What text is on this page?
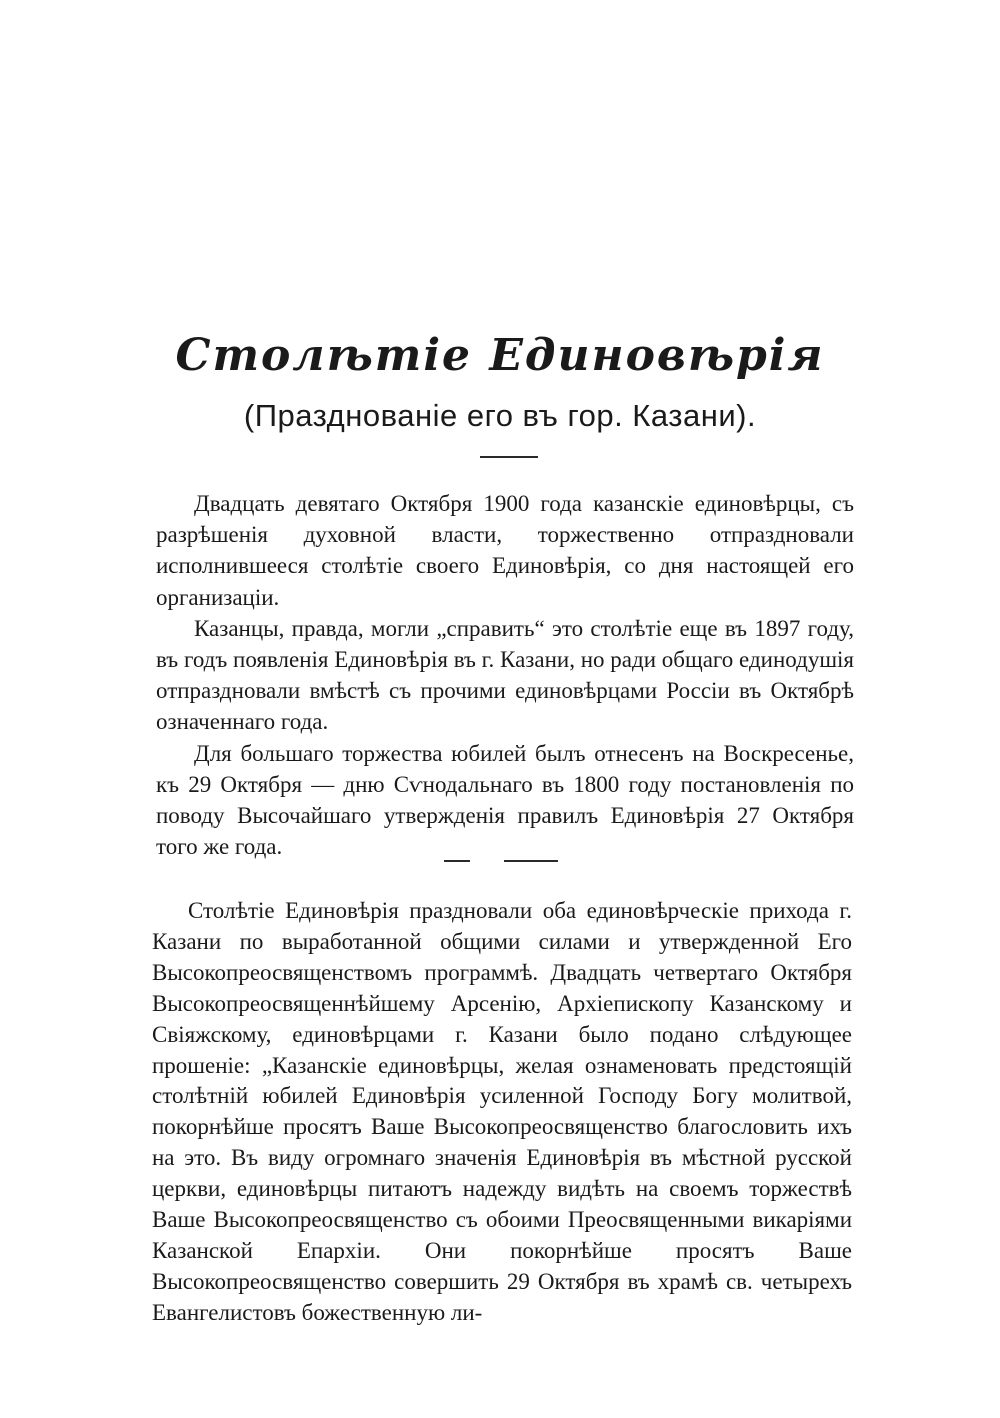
Столѣтіе Единовѣрія
(Празднованіе его въ гор. Казани).

Двадцать девятаго Октября 1900 года казанскіе единовѣрцы, съ разрѣшенія духовной власти, торжественно отпраздновали исполнившееся столѣтіе своего Единовѣрія, со дня настоящей его организаціи.

Казанцы, правда, могли „справить“ это столѣтіе еще въ 1897 году, въ годъ появленія Единовѣрія въ г. Казани, но ради общаго единодушія отпраздновали вмѣстѣ съ прочими единовѣрцами Россіи въ Октябрѣ означеннаго года.

Для большаго торжества юбилей былъ отнесенъ на Воскресенье, къ 29 Октября — дню Сѵнодальнаго въ 1800 году постановленія по поводу Высочайшаго утвержденія правилъ Единовѣрія 27 Октября того же года.

Столѣтіе Единовѣрія праздновали оба единовѣрческіе прихода г. Казани по выработанной общими силами и утвержденной Его Высокопреосвященствомъ программѣ. Двадцать четвертаго Октября Высокопреосвященнѣйшему Арсенію, Архіепископу Казанскому и Свіяжскому, единовѣрцами г. Казани было подано слѣдующее прошеніе: „Казанскіе единовѣрцы, желая ознаменовать предстоящій столѣтній юбилей Единовѣрія усиленной Господу Богу молитвой, покорнѣйше просятъ Ваше Высокопреосвященство благословить ихъ на это. Въ виду огромнаго значенія Единовѣрія въ мѣстной русской церкви, единовѣрцы питаютъ надежду видѣть на своемъ торжествѣ Ваше Высокопреосвященство съ обоими Преосвященными викаріями Казанской Епархіи. Они покорнѣйше просятъ Ваше Высокопреосвященство совершить 29 Октября въ храмѣ св. четырехъ Евангелистовъ божественную ли-
